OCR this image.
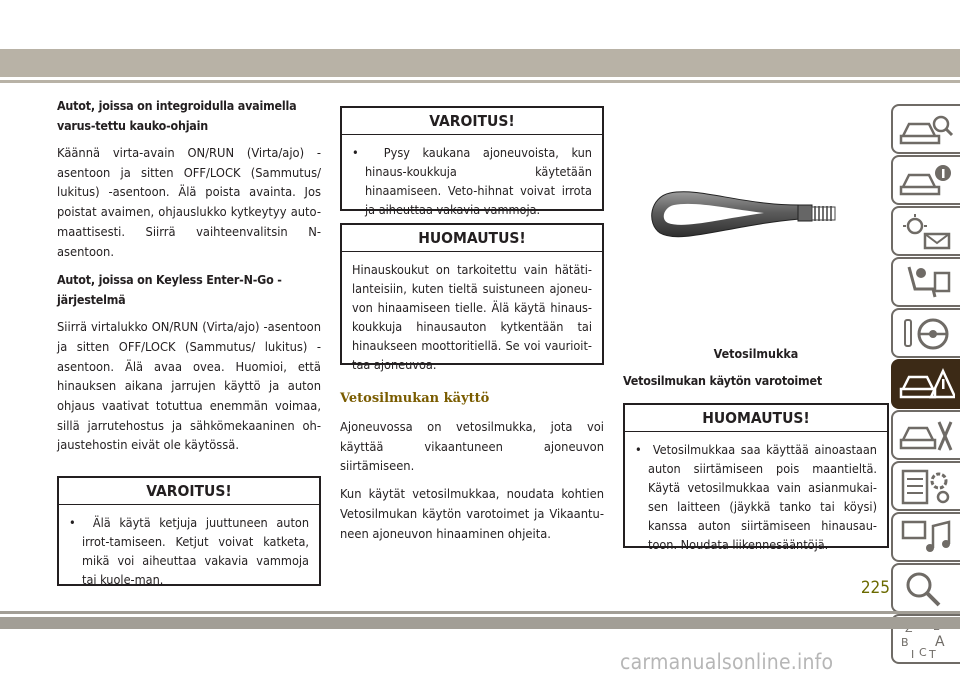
Autot, joissa on integroidulla avaimella varus-tettu kauko-ohjain
Käännä virta-avain ON/RUN (Virta/ajo) -asentoon ja sitten OFF/LOCK (Sammutus/ lukitus) -asentoon. Älä poista avainta. Jos poistat avaimen, ohjauslukko kytkeytyy auto-maattisesti. Siirrä vaihteenvalitsin N-asentoon.
Autot, joissa on Keyless Enter-N-Go -järjestelmä
Siirrä virtalukko ON/RUN (Virta/ajo) -asentoon ja sitten OFF/LOCK (Sammutus/ lukitus) -asentoon. Älä avaa ovea. Huomioi, että hinauksen aikana jarrujen käyttö ja auton ohjaus vaativat totuttua enemmän voimaa, sillä jarrutehostus ja sähkömekaaninen oh-jaustehostin eivät ole käytössä.
VAROITUS!
•  Älä käytä ketjuja juuttuneen auton irrot-tamiseen. Ketjut voivat katketa, mikä voi aiheuttaa vakavia vammoja tai kuole-man.
VAROITUS!
•  Pysy kaukana ajoneuvoista, kun hinaus-koukkuja käytetään hinaamiseen. Veto-hihnat voivat irrota ja aiheuttaa vakavia vammoja.
HUOMAUTUS!
Hinauskoukut on tarkoitettu vain hätäti-lanteisiin, kuten tieltä suistuneen ajoneu-von hinaamiseen tielle. Älä käytä hinaus-koukkuja hinausauton kytkentään tai hinaukseen moottoritiellä. Se voi vaurioit-taa ajoneuvoa.
Vetosilmukan käyttö
Ajoneuvossa on vetosilmukka, jota voi käyttää vikaantuneen ajoneuvon siirtämiseen.
Kun käytät vetosilmukkaa, noudata kohtien Vetosilmukan käytön varotoimet ja Vikaantu-neen ajoneuvon hinaaminen ohjeita.
Vetosilmukka
Vetosilmukan käytön varotoimet
HUOMAUTUS!
•  Vetosilmukkaa saa käyttää ainoastaan auton siirtämiseen pois maantieltä. Käytä vetosilmukkaa vain asianmukai-sen laitteen (jäykkä tanko tai köysi) kanssa auton siirtämiseen hinausau-toon. Noudata liikennesääntöjä.
B A
I C T
225
carmanualsonline.info
